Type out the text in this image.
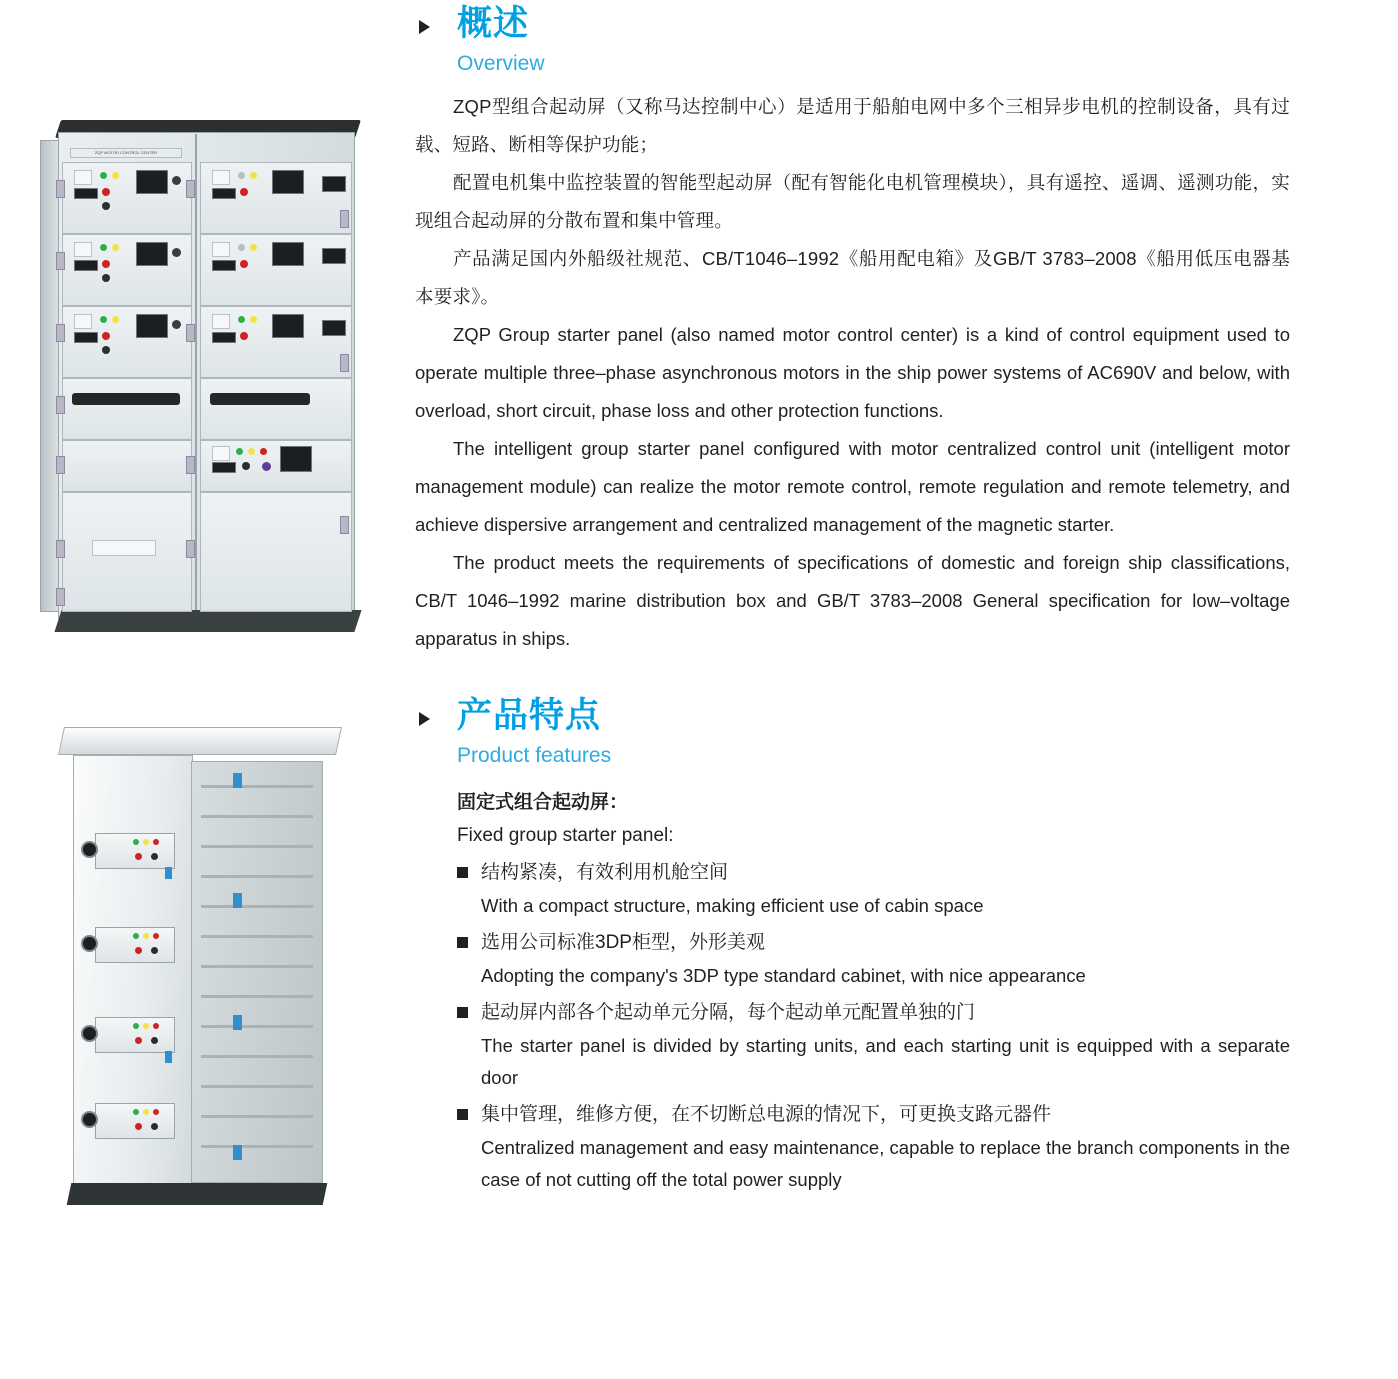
ZQP MOTOR CONTROL CENTER
概述
Overview

ZQP型组合起动屏（又称马达控制中心）是适用于船舶电网中多个三相异步电机的控制设备，具有过载、短路、断相等保护功能；

配置电机集中监控装置的智能型起动屏（配有智能化电机管理模块），具有遥控、遥调、遥测功能，实现组合起动屏的分散布置和集中管理。

产品满足国内外船级社规范、CB/T1046–1992《船用配电箱》及GB/T 3783–2008《船用低压电器基本要求》。

ZQP Group starter panel (also named motor control center) is a kind of control equipment used to operate multiple three–phase asynchronous motors in the ship power systems of AC690V and below, with overload, short circuit, phase loss and other protection functions.

The intelligent group starter panel configured with motor centralized control unit (intelligent motor management module) can realize the motor remote control, remote regulation and remote telemetry, and achieve dispersive arrangement and centralized management of the magnetic starter.

The product meets the requirements of specifications of domestic and foreign ship classifications, CB/T 1046–1992 marine distribution box and GB/T 3783–2008 General specification for low–voltage apparatus in ships.

产品特点
Product features
固定式组合起动屏：
Fixed group starter panel:
结构紧凑，有效利用机舱空间
With a compact structure, making efficient use of cabin space
选用公司标准3DP柜型，外形美观
Adopting the company's 3DP type standard cabinet, with nice appearance
起动屏内部各个起动单元分隔，每个起动单元配置单独的门
The starter panel is divided by starting units, and each starting unit is equipped with a separate door
集中管理，维修方便，在不切断总电源的情况下，可更换支路元器件
Centralized management and easy maintenance, capable to replace the branch components in the case of not cutting off the total power supply
